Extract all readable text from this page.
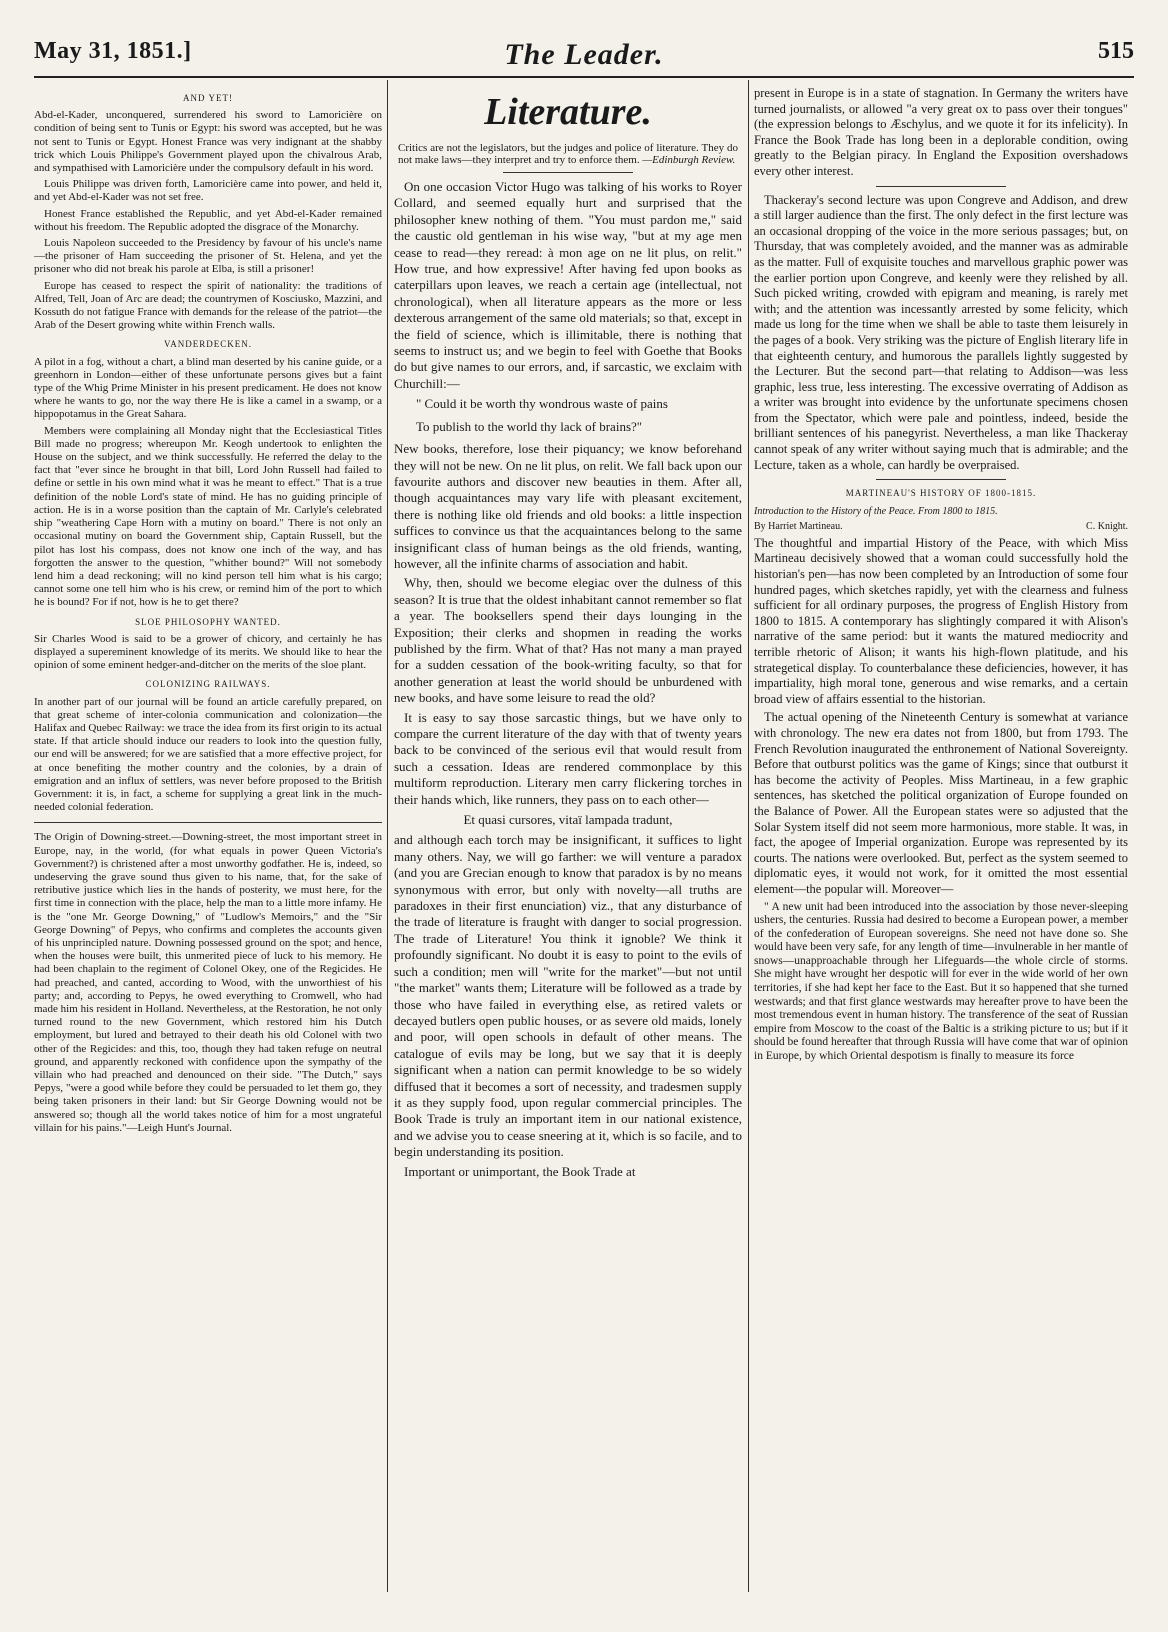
The Leader.
May 31, 1851.]	515
AND YET!

Abd-el-Kader, unconquered, surrendered his sword to Lamoricière on condition of being sent to Tunis or Egypt: his sword was accepted, but he was not sent to Tunis or Egypt. Honest France was very indignant at the shabby trick which Louis Philippe's Government played upon the chivalrous Arab, and sympathised with Lamoricière under the compulsory default in his word.

Louis Philippe was driven forth, Lamoricière came into power, and held it, and yet Abd-el-Kader was not set free.

Honest France established the Republic, and yet Abd-el-Kader remained without his freedom. The Republic adopted the disgrace of the Monarchy.

Louis Napoleon succeeded to the Presidency by favour of his uncle's name—the prisoner of Ham succeeding the prisoner of St. Helena, and yet the prisoner who did not break his parole at Elba, is still a prisoner!

Europe has ceased to respect the spirit of nationality: the traditions of Alfred, Tell, Joan of Arc are dead; the countrymen of Kosciusko, Mazzini, and Kossuth do not fatigue France with demands for the release of the patriot—the Arab of the Desert growing white within French walls.

VANDERDECKEN.

A pilot in a fog, without a chart, a blind man deserted by his canine guide, or a greenhorn in London—either of these unfortunate persons gives but a faint type of the Whig Prime Minister in his present predicament. He does not know where he wants to go, nor the way there He is like a camel in a swamp, or a hippopotamus in the Great Sahara.

Members were complaining all Monday night that the Ecclesiastical Titles Bill made no progress; whereupon Mr. Keogh undertook to enlighten the House on the subject, and we think successfully. He referred the delay to the fact that "ever since he brought in that bill, Lord John Russell had failed to define or settle in his own mind what it was he meant to effect." That is a true definition of the noble Lord's state of mind. He has no guiding principle of action. He is in a worse position than the captain of Mr. Carlyle's celebrated ship "weathering Cape Horn with a mutiny on board." There is not only an occasional mutiny on board the Government ship, Captain Russell, but the pilot has lost his compass, does not know one inch of the way, and has forgotten the answer to the question, "whither bound?" Will not somebody lend him a dead reckoning; will no kind person tell him what is his cargo; cannot some one tell him who is his crew, or remind him of the port to which he is bound? For if not, how is he to get there?

SLOE PHILOSOPHY WANTED.

Sir Charles Wood is said to be a grower of chicory, and certainly he has displayed a supereminent knowledge of its merits. We should like to hear the opinion of some eminent hedger-and-ditcher on the merits of the sloe plant.

COLONIZING RAILWAYS.

In another part of our journal will be found an article carefully prepared, on that great scheme of inter-colonia communication and colonization—the Halifax and Quebec Railway: we trace the idea from its first origin to its actual state. If that article should induce our readers to look into the question fully, our end will be answered; for we are satisfied that a more effective project, for at once benefiting the mother country and the colonies, by a drain of emigration and an influx of settlers, was never before proposed to the British Government: it is, in fact, a scheme for supplying a great link in the much-needed colonial federation.

The Origin of Downing-street.—Downing-street, the most important street in Europe, nay, in the world, (for what equals in power Queen Victoria's Government?) is christened after a most unworthy godfather. He is, indeed, so undeserving the grave sound thus given to his name, that, for the sake of retributive justice which lies in the hands of posterity, we must here, for the first time in connection with the place, help the man to a little more infamy. He is the "one Mr. George Downing," of "Ludlow's Memoirs," and the "Sir George Downing" of Pepys, who confirms and completes the accounts given of his unprincipled nature. Downing possessed ground on the spot; and hence, when the houses were built, this unmerited piece of luck to his memory. He had been chaplain to the regiment of Colonel Okey, one of the Regicides. He had preached, and canted, according to Wood, with the unworthiest of his party; and, according to Pepys, he owed everything to Cromwell, who had made him his resident in Holland. Nevertheless, at the Restoration, he not only turned round to the new Government, which restored him his Dutch employment, but lured and betrayed to their death his old Colonel with two other of the Regicides: and this, too, though they had taken refuge on neutral ground, and apparently reckoned with confidence upon the sympathy of the villain who had preached and denounced on their side. "The Dutch," says Pepys, "were a good while before they could be persuaded to let them go, they being taken prisoners in their land: but Sir George Downing would not be answered so; though all the world takes notice of him for a most ungrateful villain for his pains."—Leigh Hunt's Journal.

Literature.
Critics are not the legislators, but the judges and police of literature. They do not make laws—they interpret and try to enforce them. —Edinburgh Review.

On one occasion Victor Hugo was talking of his works to Royer Collard, and seemed equally hurt and surprised that the philosopher knew nothing of them. "You must pardon me," said the caustic old gentleman in his wise way, "but at my age men cease to read—they reread: à mon age on ne lit plus, on relit." How true, and how expressive! After having fed upon books as caterpillars upon leaves, we reach a certain age (intellectual, not chronological), when all literature appears as the more or less dexterous arrangement of the same old materials; so that, except in the field of science, which is illimitable, there is nothing that seems to instruct us; and we begin to feel with Goethe that Books do but give names to our errors, and, if sarcastic, we exclaim with Churchill:—

" Could it be worth thy wondrous waste of pains

To publish to the world thy lack of brains?"

New books, therefore, lose their piquancy; we know beforehand they will not be new. On ne lit plus, on relit. We fall back upon our favourite authors and discover new beauties in them. After all, though acquaintances may vary life with pleasant excitement, there is nothing like old friends and old books: a little inspection suffices to convince us that the acquaintances belong to the same insignificant class of human beings as the old friends, wanting, however, all the infinite charms of association and habit.

Why, then, should we become elegiac over the dulness of this season? It is true that the oldest inhabitant cannot remember so flat a year. The booksellers spend their days lounging in the Exposition; their clerks and shopmen in reading the works published by the firm. What of that? Has not many a man prayed for a sudden cessation of the book-writing faculty, so that for another generation at least the world should be unburdened with new books, and have some leisure to read the old?

It is easy to say those sarcastic things, but we have only to compare the current literature of the day with that of twenty years back to be convinced of the serious evil that would result from such a cessation. Ideas are rendered commonplace by this multiform reproduction. Literary men carry flickering torches in their hands which, like runners, they pass on to each other—

Et quasi cursores, vitaï lampada tradunt,

and although each torch may be insignificant, it suffices to light many others. Nay, we will go farther: we will venture a paradox (and you are Grecian enough to know that paradox is by no means synonymous with error, but only with novelty—all truths are paradoxes in their first enunciation) viz., that any disturbance of the trade of literature is fraught with danger to social progression. The trade of Literature! You think it ignoble? We think it profoundly significant. No doubt it is easy to point to the evils of such a condition; men will "write for the market"—but not until "the market" wants them; Literature will be followed as a trade by those who have failed in everything else, as retired valets or decayed butlers open public houses, or as severe old maids, lonely and poor, will open schools in default of other means. The catalogue of evils may be long, but we say that it is deeply significant when a nation can permit knowledge to be so widely diffused that it becomes a sort of necessity, and tradesmen supply it as they supply food, upon regular commercial principles. The Book Trade is truly an important item in our national existence, and we advise you to cease sneering at it, which is so facile, and to begin understanding its position.

Important or unimportant, the Book Trade at

present in Europe is in a state of stagnation. In Germany the writers have turned journalists, or allowed "a very great ox to pass over their tongues" (the expression belongs to Æschylus, and we quote it for its infelicity). In France the Book Trade has long been in a deplorable condition, owing greatly to the Belgian piracy. In England the Exposition overshadows every other interest.

Thackeray's second lecture was upon Congreve and Addison, and drew a still larger audience than the first. The only defect in the first lecture was an occasional dropping of the voice in the more serious passages; but, on Thursday, that was completely avoided, and the manner was as admirable as the matter. Full of exquisite touches and marvellous graphic power was the earlier portion upon Congreve, and keenly were they relished by all. Such picked writing, crowded with epigram and meaning, is rarely met with; and the attention was incessantly arrested by some felicity, which made us long for the time when we shall be able to taste them leisurely in the pages of a book. Very striking was the picture of English literary life in that eighteenth century, and humorous the parallels lightly suggested by the Lecturer. But the second part—that relating to Addison—was less graphic, less true, less interesting. The excessive overrating of Addison as a writer was brought into evidence by the unfortunate specimens chosen from the Spectator, which were pale and pointless, indeed, beside the brilliant sentences of his panegyrist. Nevertheless, a man like Thackeray cannot speak of any writer without saying much that is admirable; and the Lecture, taken as a whole, can hardly be overpraised.

MARTINEAU'S HISTORY OF 1800-1815.

Introduction to the History of the Peace. From 1800 to 1815.

By Harriet Martineau.	C. Knight.

The thoughtful and impartial History of the Peace, with which Miss Martineau decisively showed that a woman could successfully hold the historian's pen—has now been completed by an Introduction of some four hundred pages, which sketches rapidly, yet with the clearness and fulness sufficient for all ordinary purposes, the progress of English History from 1800 to 1815. A contemporary has slightingly compared it with Alison's narrative of the same period: but it wants the matured mediocrity and terrible rhetoric of Alison; it wants his high-flown platitude, and his strategetical display. To counterbalance these deficiencies, however, it has impartiality, high moral tone, generous and wise remarks, and a certain broad view of affairs essential to the historian.

The actual opening of the Nineteenth Century is somewhat at variance with chronology. The new era dates not from 1800, but from 1793. The French Revolution inaugurated the enthronement of National Sovereignty. Before that outburst politics was the game of Kings; since that outburst it has become the activity of Peoples. Miss Martineau, in a few graphic sentences, has sketched the political organization of Europe founded on the Balance of Power. All the European states were so adjusted that the Solar System itself did not seem more harmonious, more stable. It was, in fact, the apogee of Imperial organization. Europe was represented by its courts. The nations were overlooked. But, perfect as the system seemed to diplomatic eyes, it would not work, for it omitted the most essential element—the popular will. Moreover—

" A new unit had been introduced into the association by those never-sleeping ushers, the centuries. Russia had desired to become a European power, a member of the confederation of European sovereigns. She need not have done so. She would have been very safe, for any length of time—invulnerable in her mantle of snows—unapproachable through her Lifeguards—the whole circle of storms. She might have wrought her despotic will for ever in the wide world of her own territories, if she had kept her face to the East. But it so happened that she turned westwards; and that first glance westwards may hereafter prove to have been the most tremendous event in human history. The transference of the seat of Russian empire from Moscow to the coast of the Baltic is a striking picture to us; but if it should be found hereafter that through Russia will have come that war of opinion in Europe, by which Oriental despotism is finally to measure its force
